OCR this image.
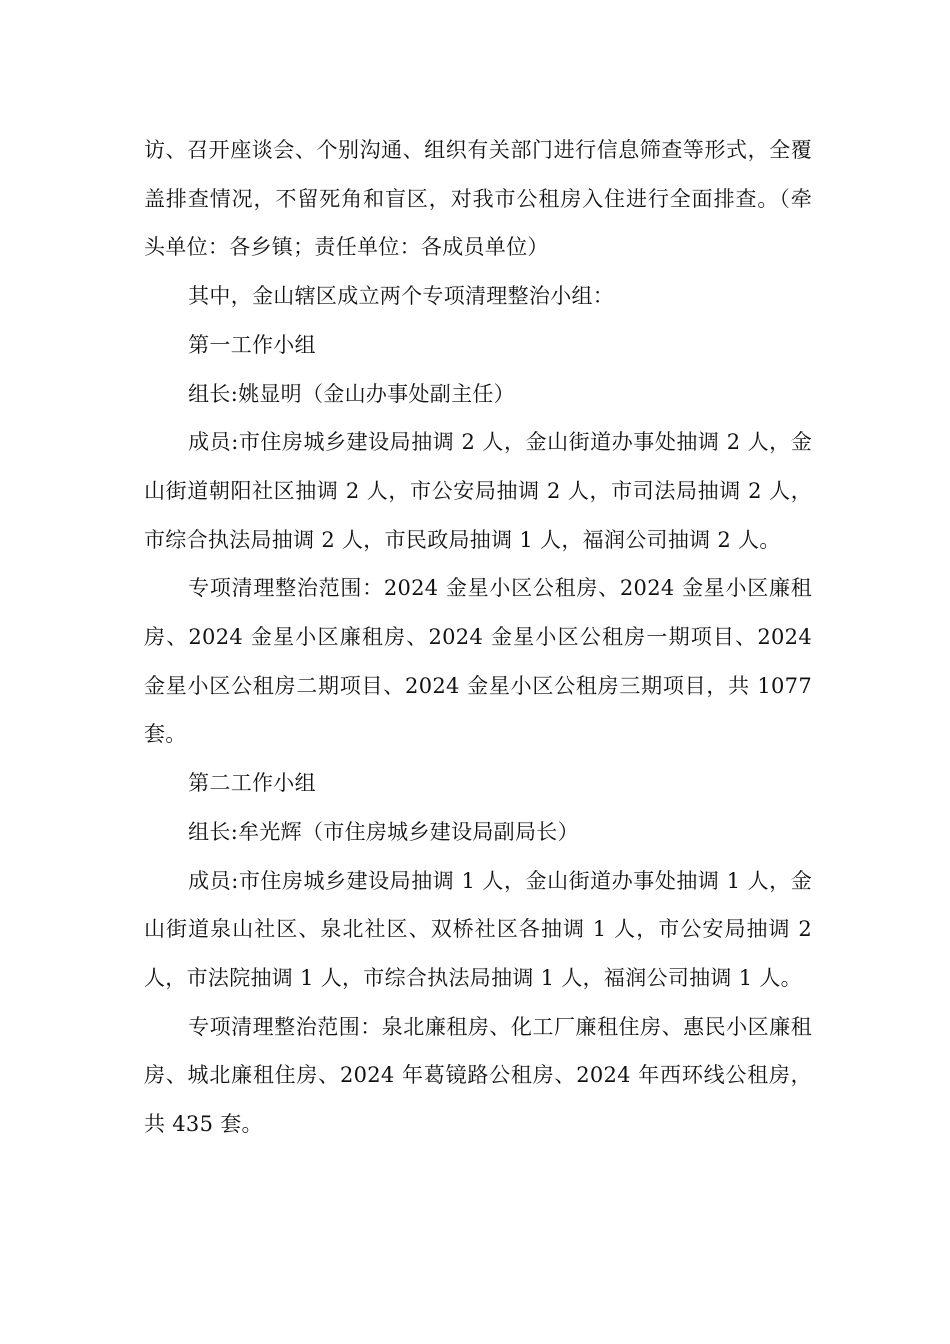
访、召开座谈会、个别沟通、组织有关部门进行信息筛查等形式，全覆盖排查情况，不留死角和盲区，对我市公租房入住进行全面排查。（牵头单位：各乡镇；责任单位：各成员单位）

其中，金山辖区成立两个专项清理整治小组：

第一工作小组

组长:姚显明（金山办事处副主任）

成员:市住房城乡建设局抽调 2 人，金山街道办事处抽调 2 人，金山街道朝阳社区抽调 2 人，市公安局抽调 2 人，市司法局抽调 2 人，市综合执法局抽调 2 人，市民政局抽调 1 人，福润公司抽调 2 人。

专项清理整治范围：2024 金星小区公租房、2024 金星小区廉租房、2024 金星小区廉租房、2024 金星小区公租房一期项目、2024 金星小区公租房二期项目、2024 金星小区公租房三期项目，共 1077 套。

第二工作小组

组长:牟光辉（市住房城乡建设局副局长）

成员:市住房城乡建设局抽调 1 人，金山街道办事处抽调 1 人，金山街道泉山社区、泉北社区、双桥社区各抽调 1 人，市公安局抽调 2 人，市法院抽调 1 人，市综合执法局抽调 1 人，福润公司抽调 1 人。

专项清理整治范围：泉北廉租房、化工厂廉租住房、惠民小区廉租房、城北廉租住房、2024 年葛镜路公租房、2024 年西环线公租房，共 435 套。
